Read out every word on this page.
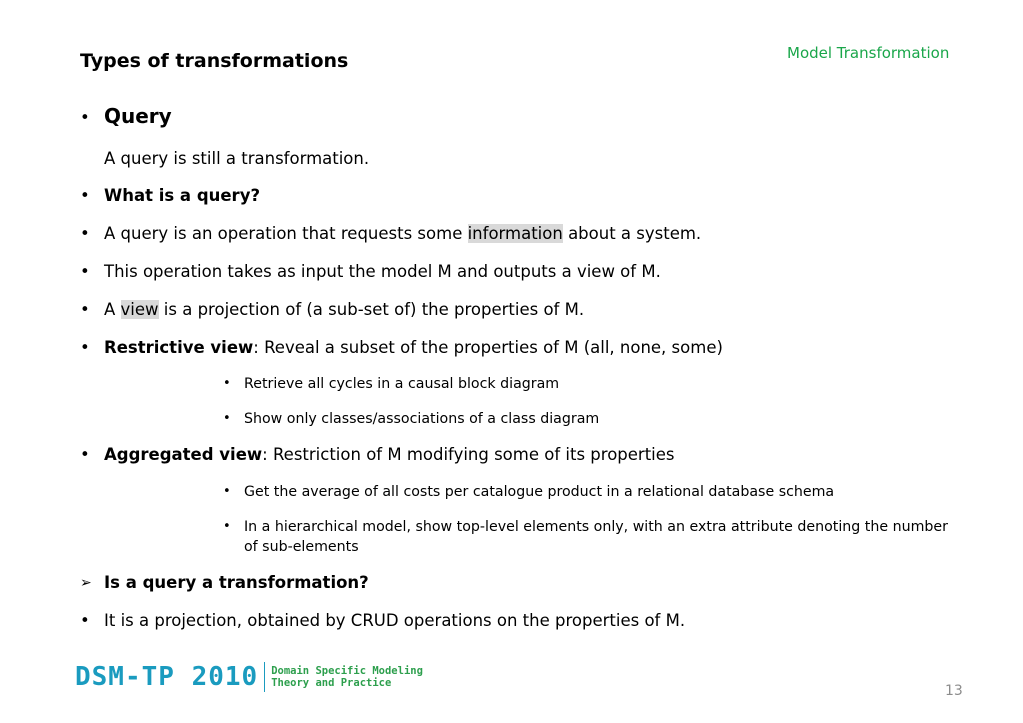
Types of transformations	Model Transformation
• Query
A query is still a transformation.
• What is a query?
• A query is an operation that requests some information about a system.
• This operation takes as input the model M and outputs a view of M.
• A view is a projection of (a sub-set of) the properties of M.
• Restrictive view: Reveal a subset of the properties of M (all, none, some)
• Retrieve all cycles in a causal block diagram
• Show only classes/associations of a class diagram
• Aggregated view: Restriction of M modifying some of its properties
• Get the average of all costs per catalogue product in a relational database schema
• In a hierarchical model, show top-level elements only, with an extra attribute denoting the number of sub-elements
➢ Is a query a transformation?
• It is a projection, obtained by CRUD operations on the properties of M.
DSM-TP 2010 Domain Specific Modeling
Theory and Practice	13
